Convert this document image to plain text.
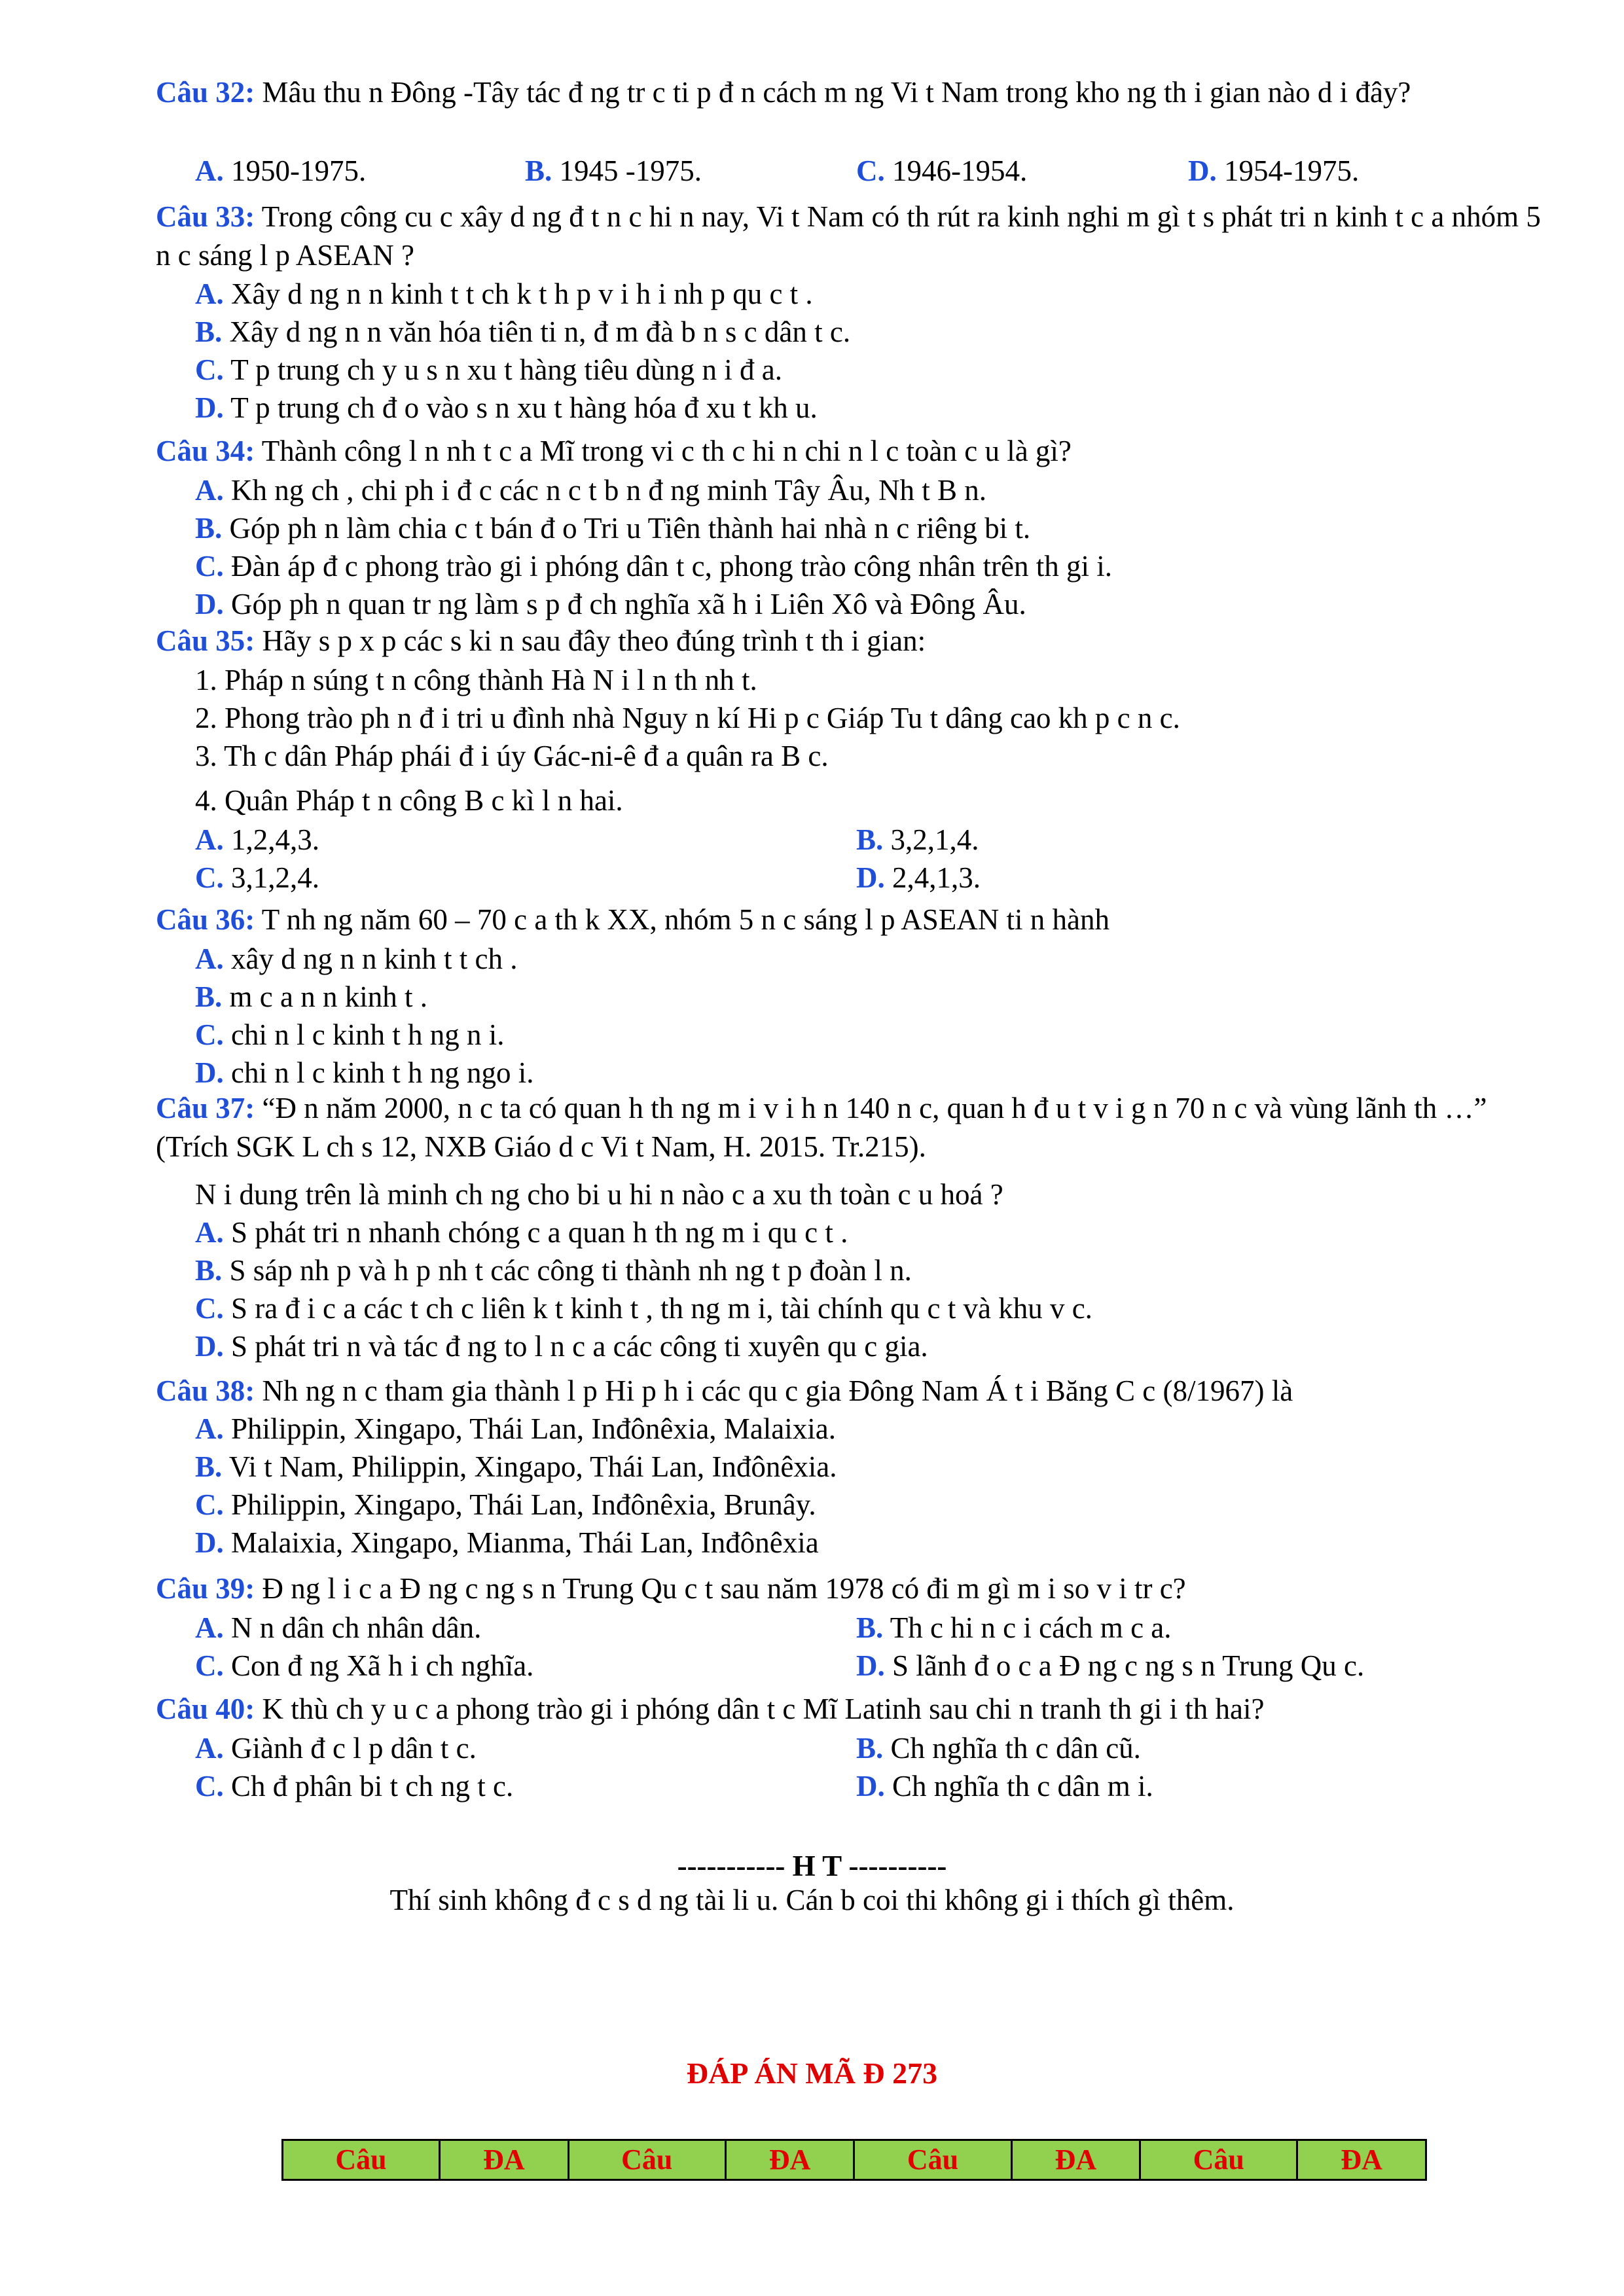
Câu 32: Mâu thu n Đông -Tây tác đ ng tr c ti p đ n cách m ng Vi t Nam trong kho ng th i gian nào d i đây?
A. 1950-1975.	B. 1945 -1975.	C. 1946-1954.	D. 1954-1975.
Câu 33: Trong công cu c xây d ng đ t n c hi n nay, Vi t Nam có th rút ra kinh nghi m gì t s phát tri n kinh t c a nhóm 5 n c sáng l p ASEAN ?
A. Xây d ng n n kinh t t ch k t h p v i h i nh p qu c t .
B. Xây d ng n n văn hóa tiên ti n, đ m đà b n s c dân t c.
C. T p trung ch y u s n xu t hàng tiêu dùng n i đ a.
D. T p trung ch đ o vào s n xu t hàng hóa đ xu t kh u.
Câu 34: Thành công l n nh t c a Mĩ trong vi c th c hi n chi n l c toàn c u là gì?
A. Kh ng ch , chi ph i đ c các n c t b n đ ng minh Tây Âu, Nh t B n.
B. Góp ph n làm chia c t bán đ o Tri u Tiên thành hai nhà n c riêng bi t.
C. Đàn áp đ c phong trào gi i phóng dân t c, phong trào công nhân trên th gi i.
D. Góp ph n quan tr ng làm s p đ ch nghĩa xã h i Liên Xô và Đông Âu.
Câu 35: Hãy s p x p các s ki n sau đây theo đúng trình t th i gian:
1. Pháp n súng t n công thành Hà N i l n th nh t.
2. Phong trào ph n đ i tri u đình nhà Nguy n kí Hi p c Giáp Tu t dâng cao kh p c n c.
3. Th c dân Pháp phái đ i úy Gác-ni-ê đ a quân ra B c.
4. Quân Pháp t n công B c kì l n hai.
A. 1,2,4,3.	B. 3,2,1,4.
C. 3,1,2,4.	D. 2,4,1,3.
Câu 36: T nh ng năm 60 – 70 c a th k XX, nhóm 5 n c sáng l p ASEAN ti n hành
A. xây d ng n n kinh t t ch .
B. m c a n n kinh t .
C. chi n l c kinh t h ng n i.
D. chi n l c kinh t h ng ngo i.
Câu 37: “Đ n năm 2000, n c ta có quan h th ng m i v i h n 140 n c, quan h đ u t v i g n 70 n c và vùng lãnh th …” (Trích SGK L ch s 12, NXB Giáo d c Vi t Nam, H. 2015. Tr.215).
N i dung trên là minh ch ng cho bi u hi n nào c a xu th toàn c u hoá ?
A. S phát tri n nhanh chóng c a quan h th ng m i qu c t .
B. S sáp nh p và h p nh t các công ti thành nh ng t p đoàn l n.
C. S ra đ i c a các t ch c liên k t kinh t , th ng m i, tài chính qu c t và khu v c.
D. S phát tri n và tác đ ng to l n c a các công ti xuyên qu c gia.
Câu 38: Nh ng n c tham gia thành l p Hi p h i các qu c gia Đông Nam Á t i Băng C c (8/1967) là
A. Philippin, Xingapo, Thái Lan, Inđônêxia, Malaixia.
B. Vi t Nam, Philippin, Xingapo, Thái Lan, Inđônêxia.
C. Philippin, Xingapo, Thái Lan, Inđônêxia, Brunây.
D. Malaixia, Xingapo, Mianma, Thái Lan, Inđônêxia
Câu 39: Đ ng l i c a Đ ng c ng s n Trung Qu c t sau năm 1978 có đi m gì m i so v i tr c?
A. N n dân ch nhân dân.	B. Th c hi n c i cách m c a.
C. Con đ ng Xã h i ch nghĩa.	D. S lãnh đ o c a Đ ng c ng s n Trung Qu c.
Câu 40: K thù ch y u c a phong trào gi i phóng dân t c Mĩ Latinh sau chi n tranh th gi i th hai?
A. Giành đ c l p dân t c.	B. Ch nghĩa th c dân cũ.
C. Ch đ phân bi t ch ng t c.	D. Ch nghĩa th c dân m i.
----------- H T ----------
Thí sinh không đ c s d ng tài li u. Cán b coi thi không gi i thích gì thêm.
ĐÁP ÁN MÃ Đ 273
Câu	ĐA	Câu	ĐA	Câu	ĐA	Câu	ĐA
